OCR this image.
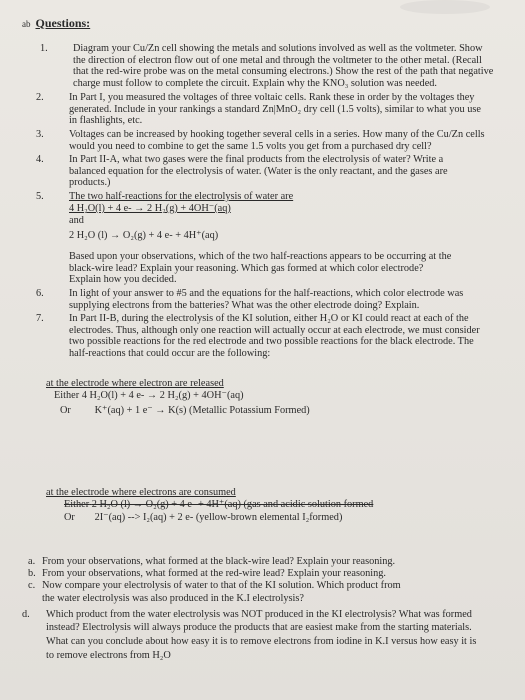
ab Questions:
1.	Diagram your Cu/Zn cell showing the metals and solutions involved as well as the voltmeter. Show
the direction of electron flow out of one metal and through the voltmeter to the other metal. (Recall
that the red-wire probe was on the metal consuming electrons.) Show the rest of the path that negative
charge must follow to complete the circuit. Explain why the KNO₃ solution was needed.
2.	In Part I, you measured the voltages of three voltaic cells. Rank these in order by the voltages they
generated. Include in your rankings a standard Zn|MnO₂ dry cell (1.5 volts), similar to what you use
in flashlights, etc.
3.	Voltages can be increased by hooking together several cells in a series. How many of the Cu/Zn cells
would you need to combine to get the same 1.5 volts you get from a purchased dry cell?
4.	In Part II-A, what two gases were the final products from the electrolysis of water? Write a
balanced equation for the electrolysis of water. (Water is the only reactant, and the gases are
products.)
5.	The two half-reactions for the electrolysis of water are
4 H₂O(l) + 4 e- → 2 H₂(g) + 4OH⁻(aq)
and
2 H₂O (l) → O₂(g) + 4 e- + 4H⁺(aq)
Based upon your observations, which of the two half-reactions appears to be occurring at the
black-wire lead? Explain your reasoning. Which gas formed at which color electrode?
Explain how you decided.
6.	In light of your answer to #5 and the equations for the half-reactions, which color electrode was
supplying electrons from the batteries? What was the other electrode doing? Explain.
7.	In Part II-B, during the electrolysis of the KI solution, either H₂O or KI could react at each of the
electrodes. Thus, although only one reaction will actually occur at each electrode, we must consider
two possible reactions for the red electrode and two possible reactions for the black electrode. The
half-reactions that could occur are the following:
at the electrode where electron are released
Either 4 H₂O(l) + 4 e- → 2 H₂(g) + 4OH⁻(aq)
Or K⁺(aq) + 1 e⁻ → K(s) (Metallic Potassium Formed)
at the electrode where electrons are consumed
Either 2 H₂O (l) → O₂(g) + 4 e- + 4H⁺(aq) (gas and acidic solution formed
Or 2I⁻(aq) --> I₂(aq) + 2 e- (yellow-brown elemental I₂formed)
a. From your observations, what formed at the black-wire lead? Explain your reasoning.
b. From your observations, what formed at the red-wire lead? Explain your reasoning.
c. Now compare your electrolysis of water to that of the KI solution. Which product from
the water electrolysis was also produced in the K.I electrolysis?
d.	Which product from the water electrolysis was NOT produced in the KI electrolysis? What was formed
instead? Electrolysis will always produce the products that are easiest make from the starting materials.
What can you conclude about how easy it is to remove electrons from iodine in K.I versus how easy it is
to remove electrons from H₂O
